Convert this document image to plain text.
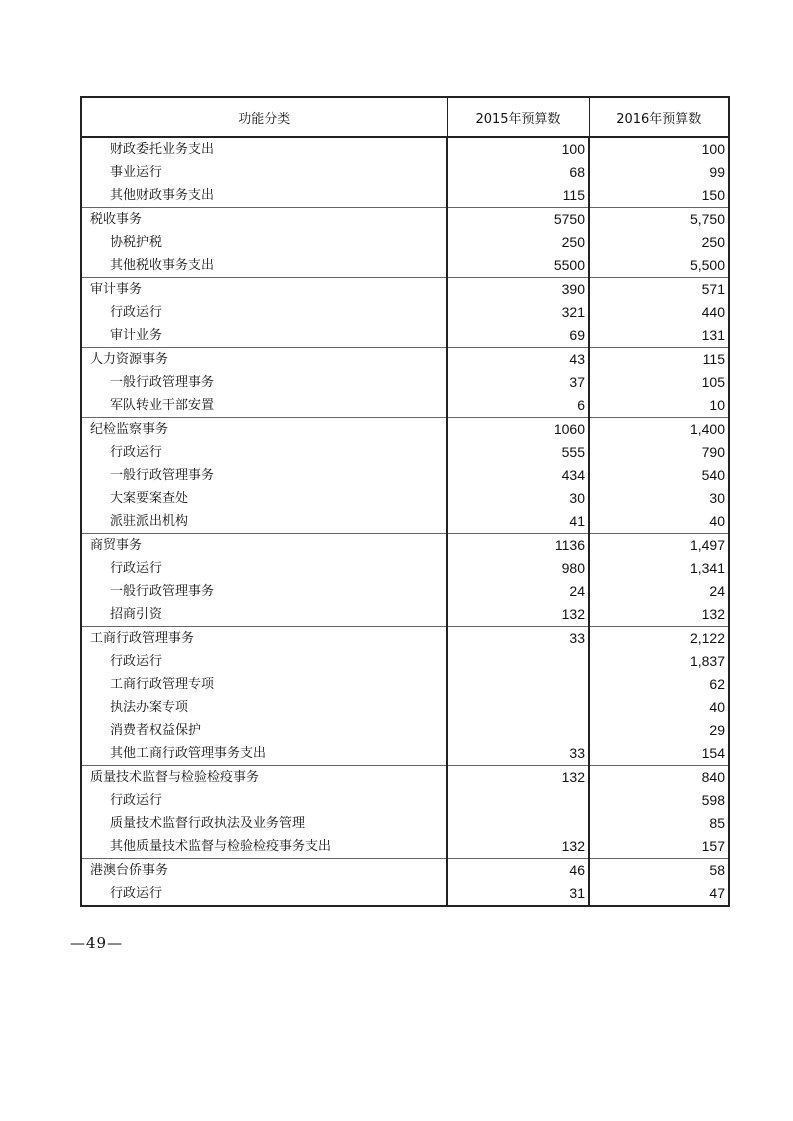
功能分类	2015年预算数	2016年预算数
财政委托业务支出	100	100
事业运行	68	99
其他财政事务支出	115	150
税收事务	5750	5,750
协税护税	250	250
其他税收事务支出	5500	5,500
审计事务	390	571
行政运行	321	440
审计业务	69	131
人力资源事务	43	115
一般行政管理事务	37	105
军队转业干部安置	6	10
纪检监察事务	1060	1,400
行政运行	555	790
一般行政管理事务	434	540
大案要案查处	30	30
派驻派出机构	41	40
商贸事务	1136	1,497
行政运行	980	1,341
一般行政管理事务	24	24
招商引资	132	132
工商行政管理事务	33	2,122
行政运行		1,837
工商行政管理专项		62
执法办案专项		40
消费者权益保护		29
其他工商行政管理事务支出	33	154
质量技术监督与检验检疫事务	132	840
行政运行		598
质量技术监督行政执法及业务管理		85
其他质量技术监督与检验检疫事务支出	132	157
港澳台侨事务	46	58
行政运行	31	47
—49—
